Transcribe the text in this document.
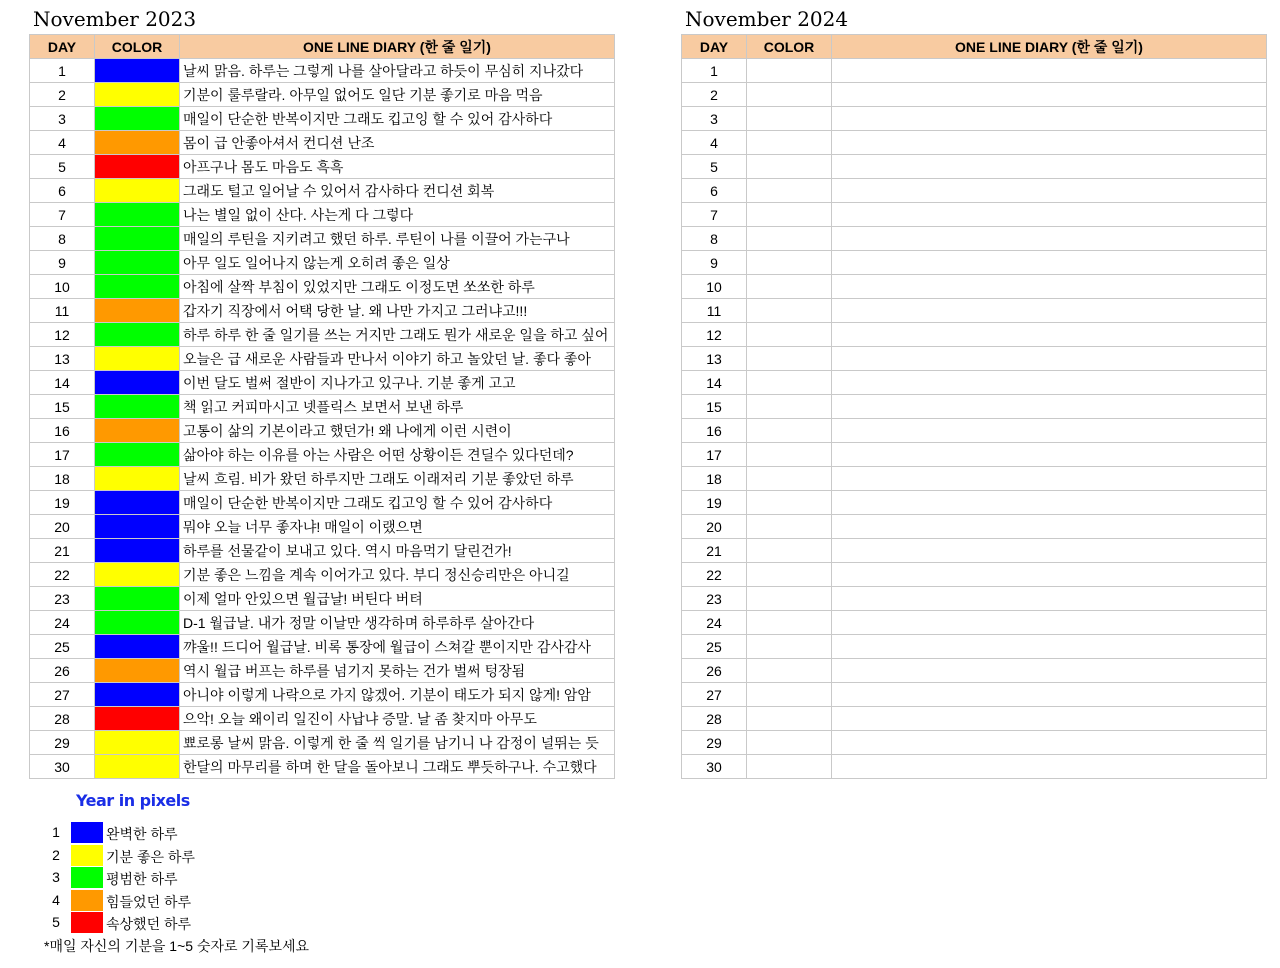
November 2023
DAY	COLOR	ONE LINE DIARY (한 줄 일기)
1		날씨 맑음. 하루는 그렇게 나를 살아달라고 하듯이 무심히 지나갔다
2		기분이 룰루랄라. 아무일 없어도 일단 기분 좋기로 마음 먹음
3		매일이 단순한 반복이지만 그래도 킵고잉 할 수 있어 감사하다
4		몸이 급 안좋아셔서 컨디션 난조
5		아프구나 몸도 마음도 흑흑
6		그래도 털고 일어날 수 있어서 감사하다 컨디션 회복
7		나는 별일 없이 산다. 사는게 다 그렇다
8		매일의 루틴을 지키려고 했던 하루. 루틴이 나를 이끌어 가는구나
9		아무 일도 일어나지 않는게 오히려 좋은 일상
10		아침에 살짝 부침이 있었지만 그래도 이정도면 쏘쏘한 하루
11		갑자기 직장에서 어택 당한 날. 왜 나만 가지고 그러냐고!!!
12		하루 하루 한 줄 일기를 쓰는 거지만 그래도 뭔가 새로운 일을 하고 싶어
13		오늘은 급 새로운 사람들과 만나서 이야기 하고 놀았던 날. 좋다 좋아
14		이번 달도 벌써 절반이 지나가고 있구나. 기분 좋게 고고
15		책 읽고 커피마시고 넷플릭스 보면서 보낸 하루
16		고통이 삶의 기본이라고 했던가! 왜 나에게 이런 시련이
17		삶아야 하는 이유를 아는 사람은 어떤 상황이든 견딜수 있다던데?
18		날씨 흐림. 비가 왔던 하루지만 그래도 이래저리 기분 좋았던 하루
19		매일이 단순한 반복이지만 그래도 킵고잉 할 수 있어 감사하다
20		뭐야 오늘 너무 좋자냐! 매일이 이랬으면
21		하루를 선물같이 보내고 있다. 역시 마음먹기 달린건가!
22		기분 좋은 느낌을 계속 이어가고 있다. 부디 정신승리만은 아니길
23		이제 얼마 안있으면 월급날! 버틴다 버텨
24		D-1 월급날. 내가 정말 이날만 생각하며 하루하루 살아간다
25		꺄울!! 드디어 월급날. 비록 통장에 월급이 스쳐갈 뿐이지만 감사감사
26		역시 월급 버프는 하루를 넘기지 못하는 건가 벌써 텅장됨
27		아니야 이렇게 나락으로 가지 않겠어. 기분이 태도가 되지 않게! 암암
28		으악! 오늘 왜이리 일진이 사납냐 증말. 날 좀 찾지마 아무도
29		뾰로롱 날씨 맑음. 이렇게 한 줄 씩 일기를 남기니 나 감정이 널뛰는 듯
30		한달의 마무리를 하며 한 달을 돌아보니 그래도 뿌듯하구나. 수고했다
November 2024
DAY	COLOR	ONE LINE DIARY (한 줄 일기)
1		
2		
3		
4		
5		
6		
7		
8		
9		
10		
11		
12		
13		
14		
15		
16		
17		
18		
19		
20		
21		
22		
23		
24		
25		
26		
27		
28		
29		
30		
Year in pixels
1	완벽한 하루
2	기분 좋은 하루
3	평범한 하루
4	힘들었던 하루
5	속상했던 하루
*매일 자신의 기분을 1~5 숫자로 기록보세요
